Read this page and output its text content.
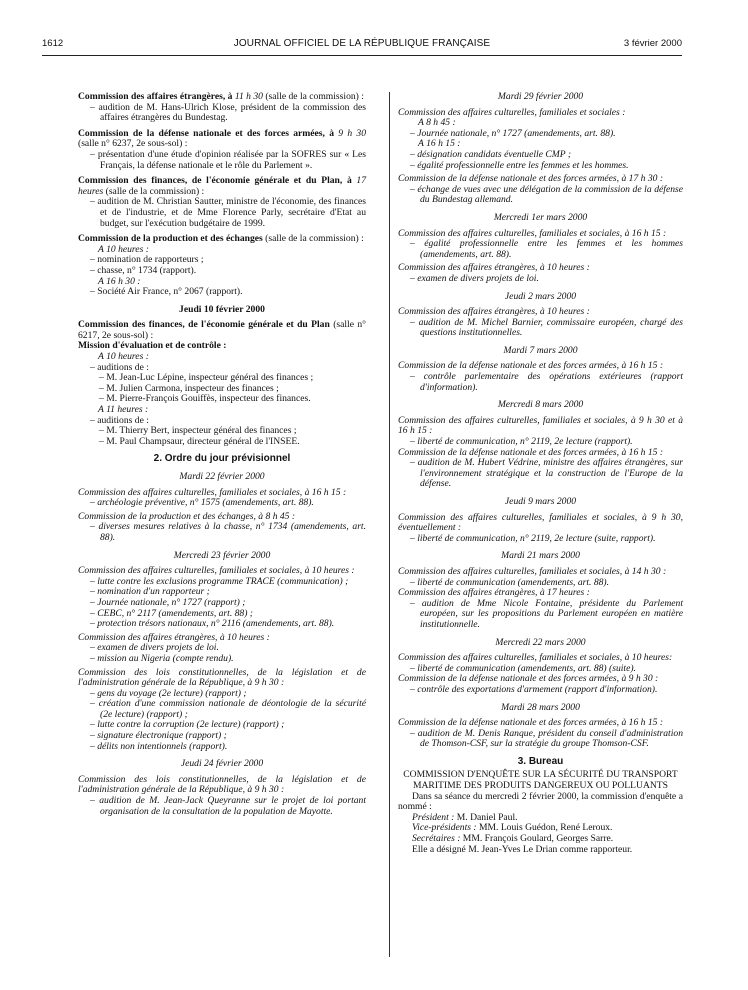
1612	JOURNAL OFFICIEL DE LA RÉPUBLIQUE FRANÇAISE	3 février 2000

Commission des affaires étrangères, à 11 h 30 (salle de la commission) :

– audition de M. Hans-Ulrich Klose, président de la commission des affaires étrangères du Bundestag.

Commission de la défense nationale et des forces armées, à 9 h 30 (salle n° 6237, 2e sous-sol) :

– présentation d'une étude d'opinion réalisée par la SOFRES sur « Les Français, la défense nationale et le rôle du Parlement ».

Commission des finances, de l'économie générale et du Plan, à 17 heures (salle de la commission) :

– audition de M. Christian Sautter, ministre de l'économie, des finances et de l'industrie, et de Mme Florence Parly, secrétaire d'Etat au budget, sur l'exécution budgétaire de 1999.

Commission de la production et des échanges (salle de la commission) :

A 10 heures :

– nomination de rapporteurs ;

– chasse, n° 1734 (rapport).

A 16 h 30 :

– Société Air France, n° 2067 (rapport).

Jeudi 10 février 2000

Commission des finances, de l'économie générale et du Plan (salle n° 6217, 2e sous-sol) :

Mission d'évaluation et de contrôle :

A 10 heures :

– auditions de :

– M. Jean-Luc Lépine, inspecteur général des finances ;

– M. Julien Carmona, inspecteur des finances ;

– M. Pierre-François Gouiffès, inspecteur des finances.

A 11 heures :

– auditions de :

– M. Thierry Bert, inspecteur général des finances ;

– M. Paul Champsaur, directeur général de l'INSEE.

2. Ordre du jour prévisionnel

Mardi 22 février 2000

Commission des affaires culturelles, familiales et sociales, à 16 h 15 :

– archéologie préventive, n° 1575 (amendements, art. 88).

Commission de la production et des échanges, à 8 h 45 :

– diverses mesures relatives à la chasse, n° 1734 (amendements, art. 88).

Mercredi 23 février 2000

Commission des affaires culturelles, familiales et sociales, à 10 heures :

– lutte contre les exclusions programme TRACE (communication) ;

– nomination d'un rapporteur ;

– Journée nationale, n° 1727 (rapport) ;

– CEBC, n° 2117 (amendements, art. 88) ;

– protection trésors nationaux, n° 2116 (amendements, art. 88).

Commission des affaires étrangères, à 10 heures :

– examen de divers projets de loi.

– mission au Nigeria (compte rendu).

Commission des lois constitutionnelles, de la législation et de l'administration générale de la République, à 9 h 30 :

– gens du voyage (2e lecture) (rapport) ;

– création d'une commission nationale de déontologie de la sécurité (2e lecture) (rapport) ;

– lutte contre la corruption (2e lecture) (rapport) ;

– signature électronique (rapport) ;

– délits non intentionnels (rapport).

Jeudi 24 février 2000

Commission des lois constitutionnelles, de la législation et de l'administration générale de la République, à 9 h 30 :

– audition de M. Jean-Jack Queyranne sur le projet de loi portant organisation de la consultation de la population de Mayotte.

Mardi 29 février 2000

Commission des affaires culturelles, familiales et sociales :

A 8 h 45 :

– Journée nationale, n° 1727 (amendements, art. 88).

A 16 h 15 :

– désignation candidats éventuelle CMP ;

– égalité professionnelle entre les femmes et les hommes.

Commission de la défense nationale et des forces armées, à 17 h 30 :

– échange de vues avec une délégation de la commission de la défense du Bundestag allemand.

Mercredi 1er mars 2000

Commission des affaires culturelles, familiales et sociales, à 16 h 15 :

– égalité professionnelle entre les femmes et les hommes (amendements, art. 88).

Commission des affaires étrangères, à 10 heures :

– examen de divers projets de loi.

Jeudi 2 mars 2000

Commission des affaires étrangères, à 10 heures :

– audition de M. Michel Barnier, commissaire européen, chargé des questions institutionnelles.

Mardi 7 mars 2000

Commission de la défense nationale et des forces armées, à 16 h 15 :

– contrôle parlementaire des opérations extérieures (rapport d'information).

Mercredi 8 mars 2000

Commission des affaires culturelles, familiales et sociales, à 9 h 30 et à 16 h 15 :

– liberté de communication, n° 2119, 2e lecture (rapport).

Commission de la défense nationale et des forces armées, à 16 h 15 :

– audition de M. Hubert Védrine, ministre des affaires étrangères, sur l'environnement stratégique et la construction de l'Europe de la défense.

Jeudi 9 mars 2000

Commission des affaires culturelles, familiales et sociales, à 9 h 30, éventuellement :

– liberté de communication, n° 2119, 2e lecture (suite, rapport).

Mardi 21 mars 2000

Commission des affaires culturelles, familiales et sociales, à 14 h 30 :

– liberté de communication (amendements, art. 88).

Commission des affaires étrangères, à 17 heures :

– audition de Mme Nicole Fontaine, présidente du Parlement européen, sur les propositions du Parlement européen en matière institutionnelle.

Mercredi 22 mars 2000

Commission des affaires culturelles, familiales et sociales, à 10 heures:

– liberté de communication (amendements, art. 88) (suite).

Commission de la défense nationale et des forces armées, à 9 h 30 :

– contrôle des exportations d'armement (rapport d'information).

Mardi 28 mars 2000

Commission de la défense nationale et des forces armées, à 16 h 15 :

– audition de M. Denis Ranque, président du conseil d'administration de Thomson-CSF, sur la stratégie du groupe Thomson-CSF.

3. Bureau

COMMISSION D'ENQUÊTE SUR LA SÉCURITÉ DU TRANSPORT

MARITIME DES PRODUITS DANGEREUX OU POLLUANTS

Dans sa séance du mercredi 2 février 2000, la commission d'enquête a nommé :

Président : M. Daniel Paul.

Vice-présidents : MM. Louis Guédon, René Leroux.

Secrétaires : MM. François Goulard, Georges Sarre.

Elle a désigné M. Jean-Yves Le Drian comme rapporteur.
